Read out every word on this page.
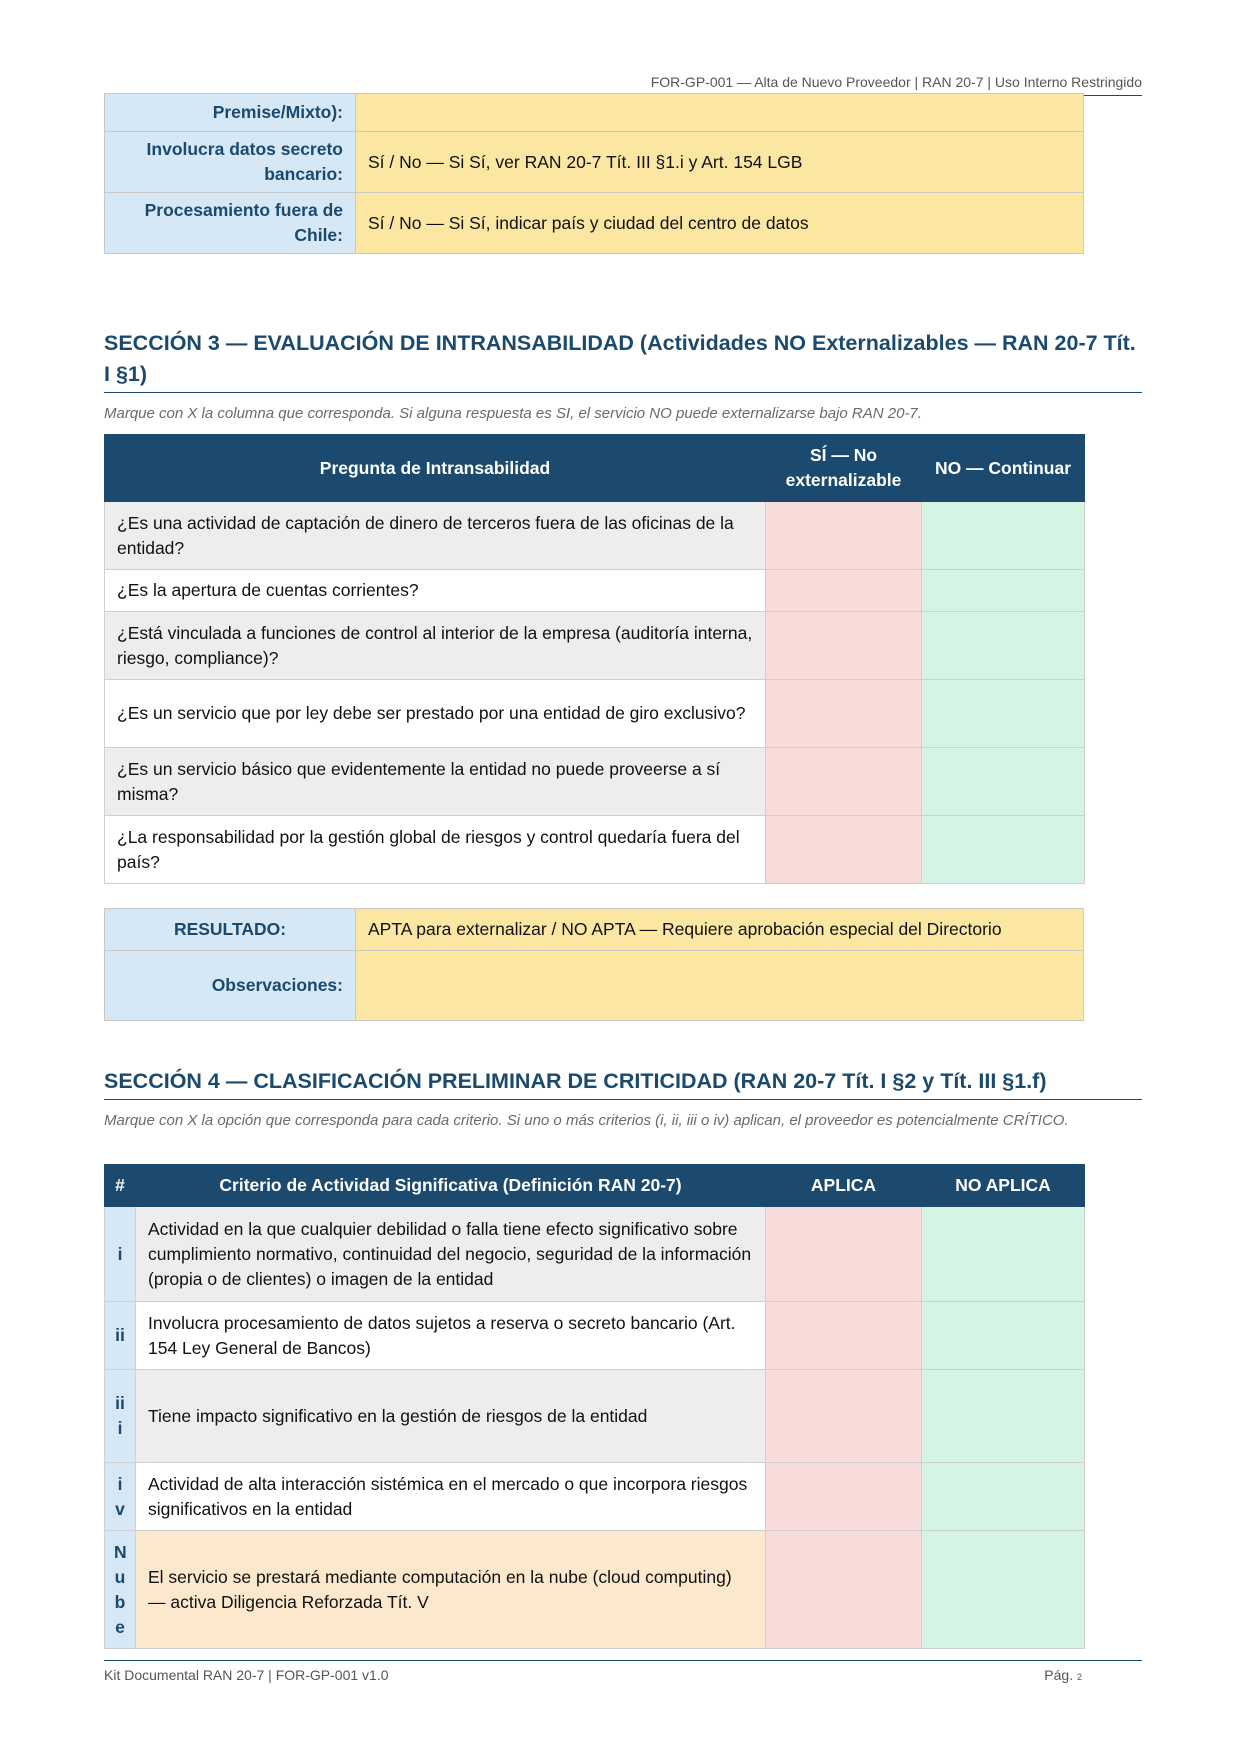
FOR-GP-001 — Alta de Nuevo Proveedor | RAN 20-7 | Uso Interno Restringido
Premise/Mixto):	
Involucra datos secreto bancario:	Sí / No — Si Sí, ver RAN 20-7 Tít. III §1.i y Art. 154 LGB
Procesamiento fuera de Chile:	Sí / No — Si Sí, indicar país y ciudad del centro de datos
SECCIÓN 3 — EVALUACIÓN DE INTRANSABILIDAD (Actividades NO Externalizables — RAN 20-7 Tít. I §1)
Marque con X la columna que corresponda. Si alguna respuesta es SI, el servicio NO puede externalizarse bajo RAN 20-7.
Pregunta de Intransabilidad	SÍ — No externalizable	NO — Continuar
¿Es una actividad de captación de dinero de terceros fuera de las oficinas de la entidad?		
¿Es la apertura de cuentas corrientes?		
¿Está vinculada a funciones de control al interior de la empresa (auditoría interna, riesgo, compliance)?		
¿Es un servicio que por ley debe ser prestado por una entidad de giro exclusivo?		
¿Es un servicio básico que evidentemente la entidad no puede proveerse a sí misma?		
¿La responsabilidad por la gestión global de riesgos y control quedaría fuera del país?		
RESULTADO:	APTA para externalizar / NO APTA — Requiere aprobación especial del Directorio
Observaciones:	
SECCIÓN 4 — CLASIFICACIÓN PRELIMINAR DE CRITICIDAD (RAN 20-7 Tít. I §2 y Tít. III §1.f)
Marque con X la opción que corresponda para cada criterio. Si uno o más criterios (i, ii, iii o iv) aplican, el proveedor es potencialmente CRÍTICO.
#	Criterio de Actividad Significativa (Definición RAN 20-7)	APLICA	NO APLICA
i	Actividad en la que cualquier debilidad o falla tiene efecto significativo sobre cumplimiento normativo, continuidad del negocio, seguridad de la información (propia o de clientes) o imagen de la entidad		
ii	Involucra procesamiento de datos sujetos a reserva o secreto bancario (Art. 154 Ley General de Bancos)		
iii	Tiene impacto significativo en la gestión de riesgos de la entidad		
iv	Actividad de alta interacción sistémica en el mercado o que incorpora riesgos significativos en la entidad		
Nube	El servicio se prestará mediante computación en la nube (cloud computing) — activa Diligencia Reforzada Tít. V		
Kit Documental RAN 20-7 | FOR-GP-001 v1.0	Pág. 2
